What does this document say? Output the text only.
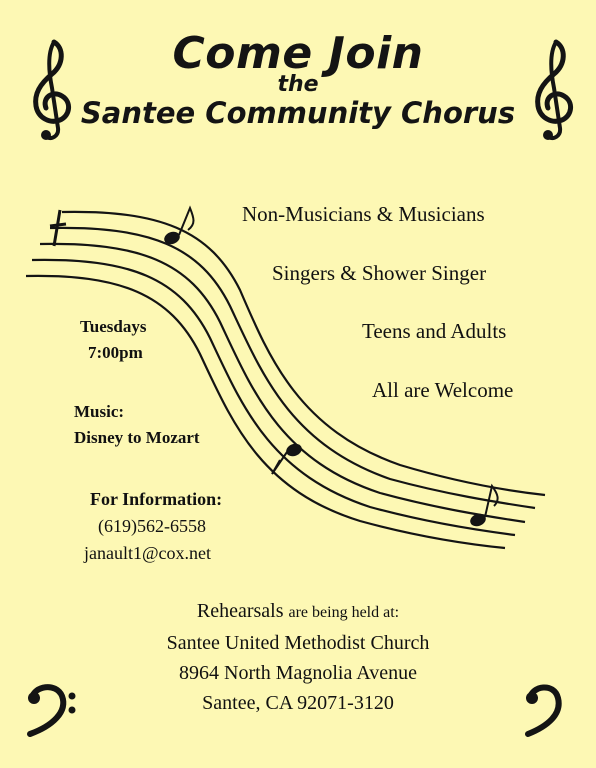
Come Join
the
Santee Community Chorus
Non-Musicians & Musicians
Singers & Shower Singer
Teens and Adults
All are Welcome
Tuesdays
7:00pm
Music:
Disney to Mozart
For Information:
(619)562-6558
janault1@cox.net
Rehearsals are being held at:
Santee United Methodist Church
8964 North Magnolia Avenue
Santee, CA 92071-3120
